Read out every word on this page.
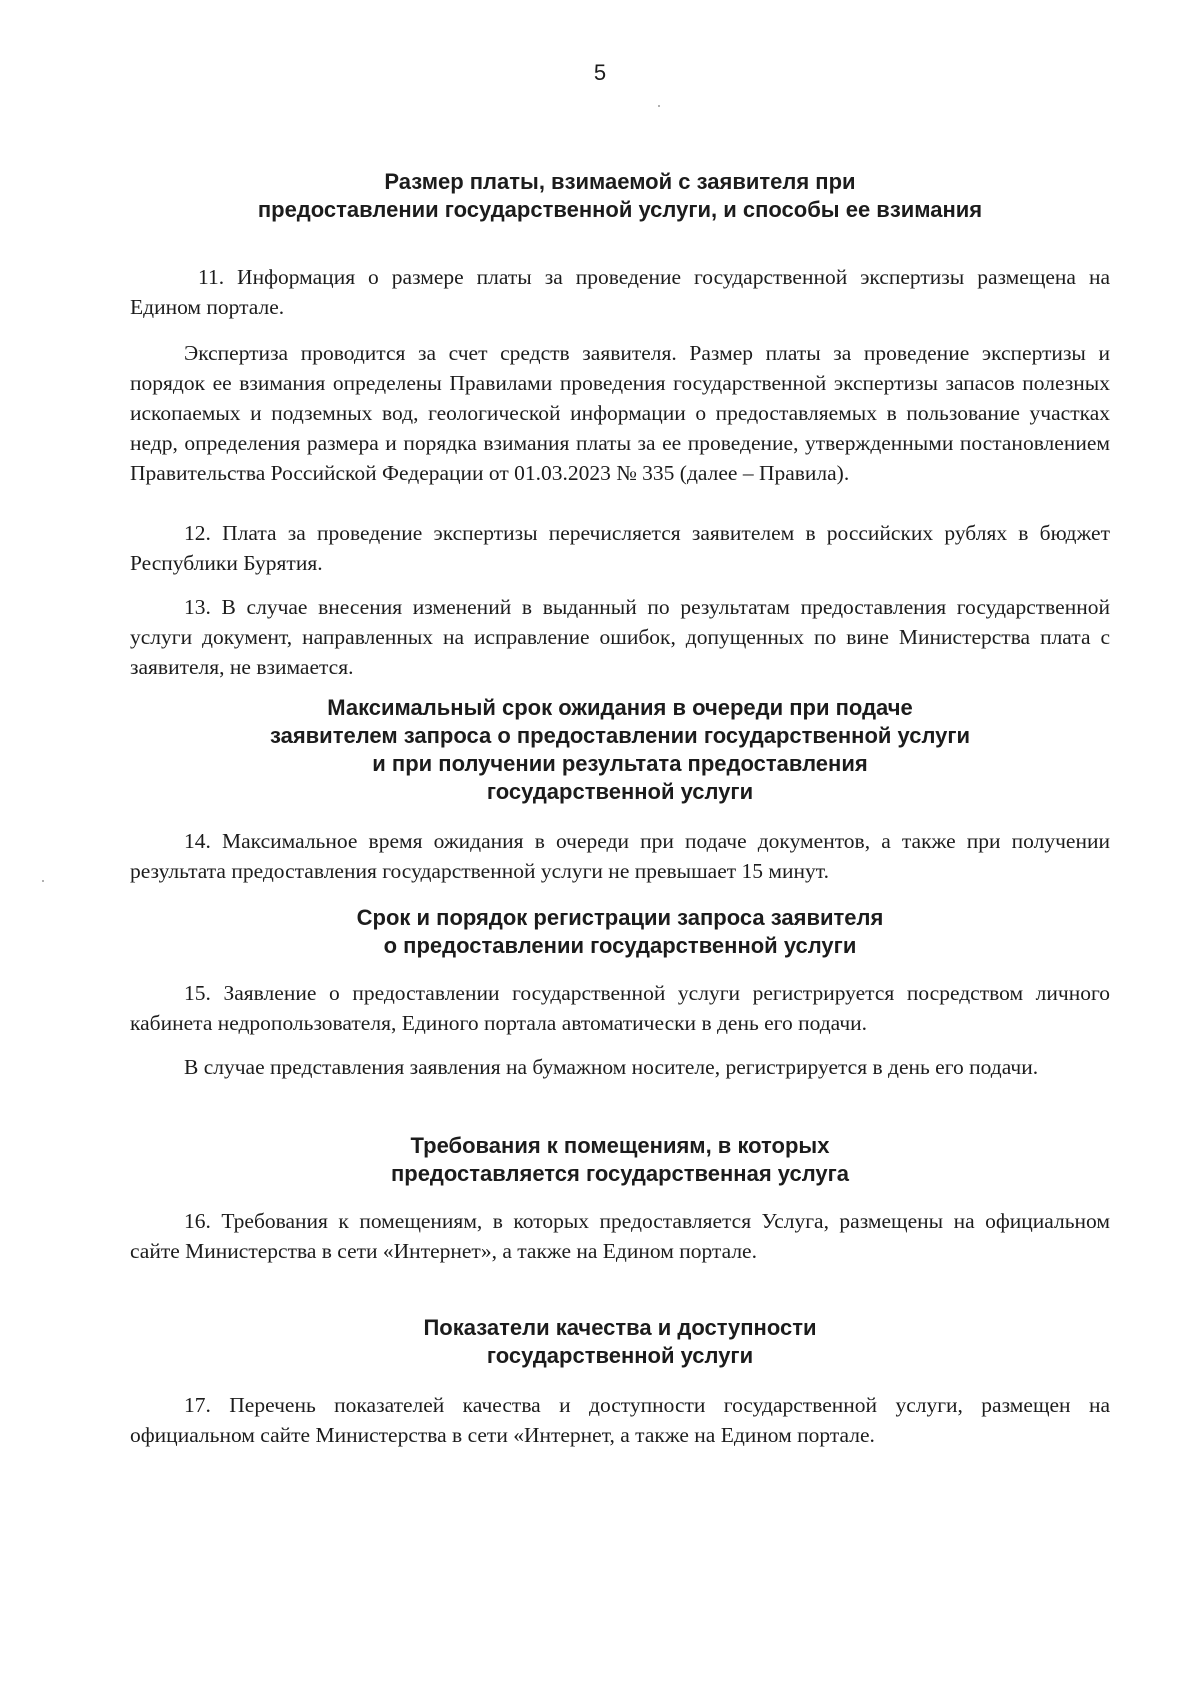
5
Размер платы, взимаемой с заявителя при
предоставлении государственной услуги, и способы ее взимания
11. Информация о размере платы за проведение государственной экспертизы размещена на Едином портале.
Экспертиза проводится за счет средств заявителя. Размер платы за проведение экспертизы и порядок ее взимания определены Правилами проведения государственной экспертизы запасов полезных ископаемых и подземных вод, геологической информации о предоставляемых в пользование участках недр, определения размера и порядка взимания платы за ее проведение, утвержденными постановлением Правительства Российской Федерации от 01.03.2023 № 335 (далее – Правила).
12. Плата за проведение экспертизы перечисляется заявителем в российских рублях в бюджет Республики Бурятия.
13. В случае внесения изменений в выданный по результатам предоставления государственной услуги документ, направленных на исправление ошибок, допущенных по вине Министерства плата с заявителя, не взимается.
Максимальный срок ожидания в очереди при подаче
заявителем запроса о предоставлении государственной услуги
и при получении результата предоставления
государственной услуги
14. Максимальное время ожидания в очереди при подаче документов, а также при получении результата предоставления государственной услуги не превышает 15 минут.
Срок и порядок регистрации запроса заявителя
о предоставлении государственной услуги
15. Заявление о предоставлении государственной услуги регистрируется посредством личного кабинета недропользователя, Единого портала автоматически в день его подачи.
В случае представления заявления на бумажном носителе, регистрируется в день его подачи.
Требования к помещениям, в которых
предоставляется государственная услуга
16. Требования к помещениям, в которых предоставляется Услуга, размещены на официальном сайте Министерства в сети «Интернет», а также на Едином портале.
Показатели качества и доступности
государственной услуги
17. Перечень показателей качества и доступности государственной услуги, размещен на официальном сайте Министерства в сети «Интернет, а также на Едином портале.
